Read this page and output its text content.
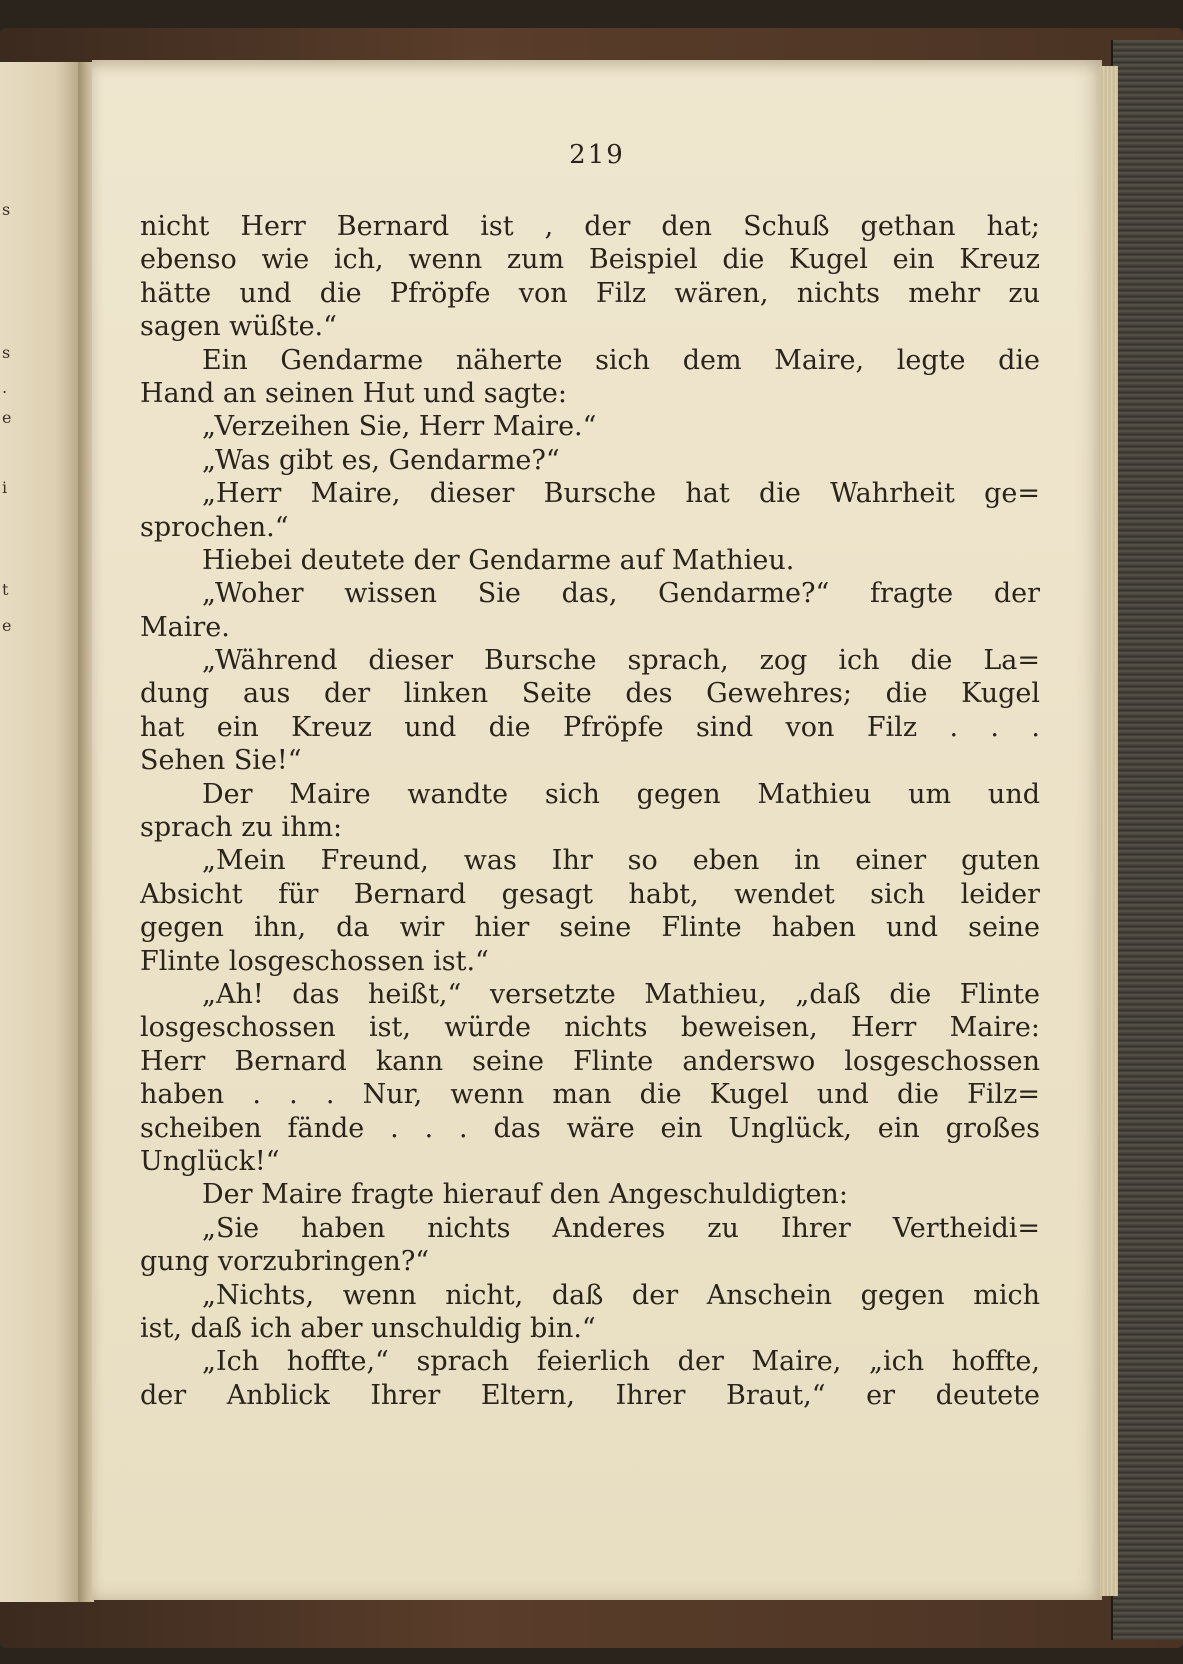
s
s
.
e
i
t
e
219
nicht Herr Bernard ist , der den Schuß gethan hat;
ebenso wie ich, wenn zum Beispiel die Kugel ein Kreuz
hätte und die Pfröpfe von Filz wären, nichts mehr zu
sagen wüßte.“
Ein Gendarme näherte sich dem Maire, legte die
Hand an seinen Hut und sagte:
„Verzeihen Sie, Herr Maire.“
„Was gibt es, Gendarme?“
„Herr Maire, dieser Bursche hat die Wahrheit ge=
sprochen.“
Hiebei deutete der Gendarme auf Mathieu.
„Woher wissen Sie das, Gendarme?“ fragte der
Maire.
„Während dieser Bursche sprach, zog ich die La=
dung aus der linken Seite des Gewehres; die Kugel
hat ein Kreuz und die Pfröpfe sind von Filz . . .
Sehen Sie!“
Der Maire wandte sich gegen Mathieu um und
sprach zu ihm:
„Mein Freund, was Ihr so eben in einer guten
Absicht für Bernard gesagt habt, wendet sich leider
gegen ihn, da wir hier seine Flinte haben und seine
Flinte losgeschossen ist.“
„Ah! das heißt,“ versetzte Mathieu, „daß die Flinte
losgeschossen ist, würde nichts beweisen, Herr Maire:
Herr Bernard kann seine Flinte anderswo losgeschossen
haben . . . Nur, wenn man die Kugel und die Filz=
scheiben fände . . . das wäre ein Unglück, ein großes
Unglück!“
Der Maire fragte hierauf den Angeschuldigten:
„Sie haben nichts Anderes zu Ihrer Vertheidi=
gung vorzubringen?“
„Nichts, wenn nicht, daß der Anschein gegen mich
ist, daß ich aber unschuldig bin.“
„Ich hoffte,“ sprach feierlich der Maire, „ich hoffte,
der Anblick Ihrer Eltern, Ihrer Braut,“ er deutete
